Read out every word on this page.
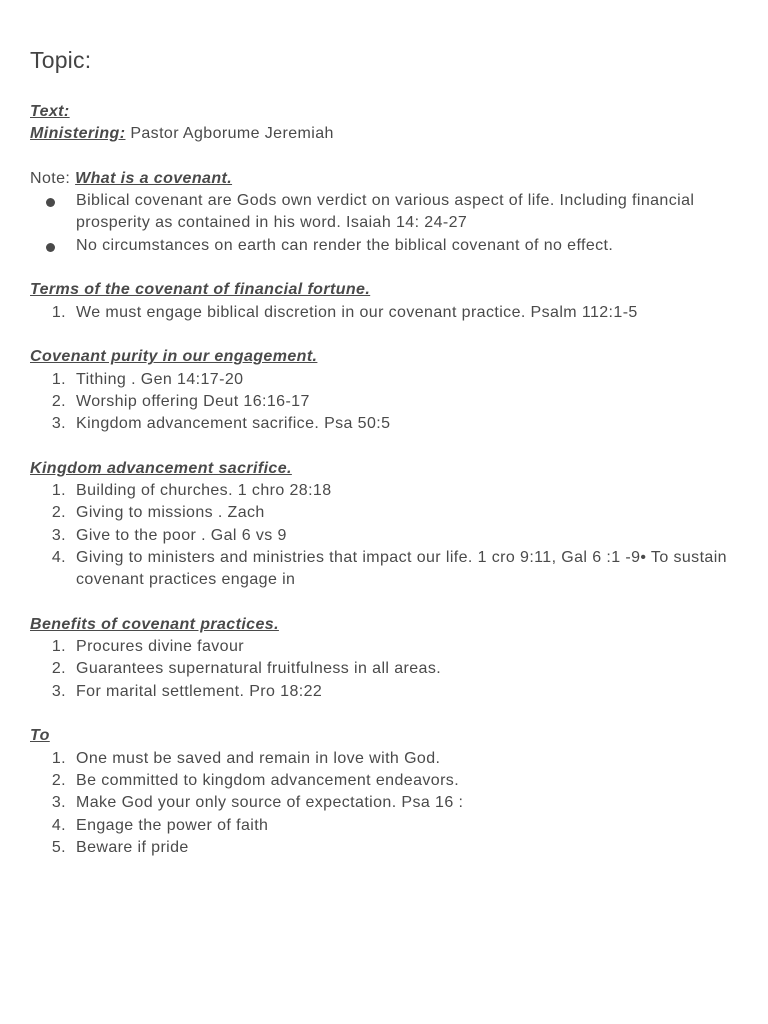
Topic:

Text:

Ministering: Pastor Agborume Jeremiah

Note: What is a covenant.

Biblical covenant are Gods own verdict on various aspect of life. Including financial prosperity as contained in his word. Isaiah 14: 24-27
No circumstances on earth can render the biblical covenant of no effect.

Terms of the covenant of financial fortune.

1. We must engage biblical discretion in our covenant practice. Psalm 112:1-5

Covenant purity in our engagement.

1. Tithing . Gen 14:17-20
2. Worship offering Deut 16:16-17
3. Kingdom advancement sacrifice. Psa 50:5

Kingdom advancement sacrifice.

1. Building of churches. 1 chro 28:18
2. Giving to missions . Zach
3. Give to the poor . Gal 6 vs 9
4. Giving to ministers and ministries that impact our life. 1 cro 9:11, Gal 6 :1 -9• To sustain covenant practices engage in

Benefits of covenant practices.

1. Procures divine favour
2. Guarantees supernatural fruitfulness in all areas.
3. For marital settlement. Pro 18:22

To

1. One must be saved and remain in love with God.
2. Be committed to kingdom advancement endeavors.
3. Make God your only source of expectation. Psa 16 :
4. Engage the power of faith
5. Beware if pride
